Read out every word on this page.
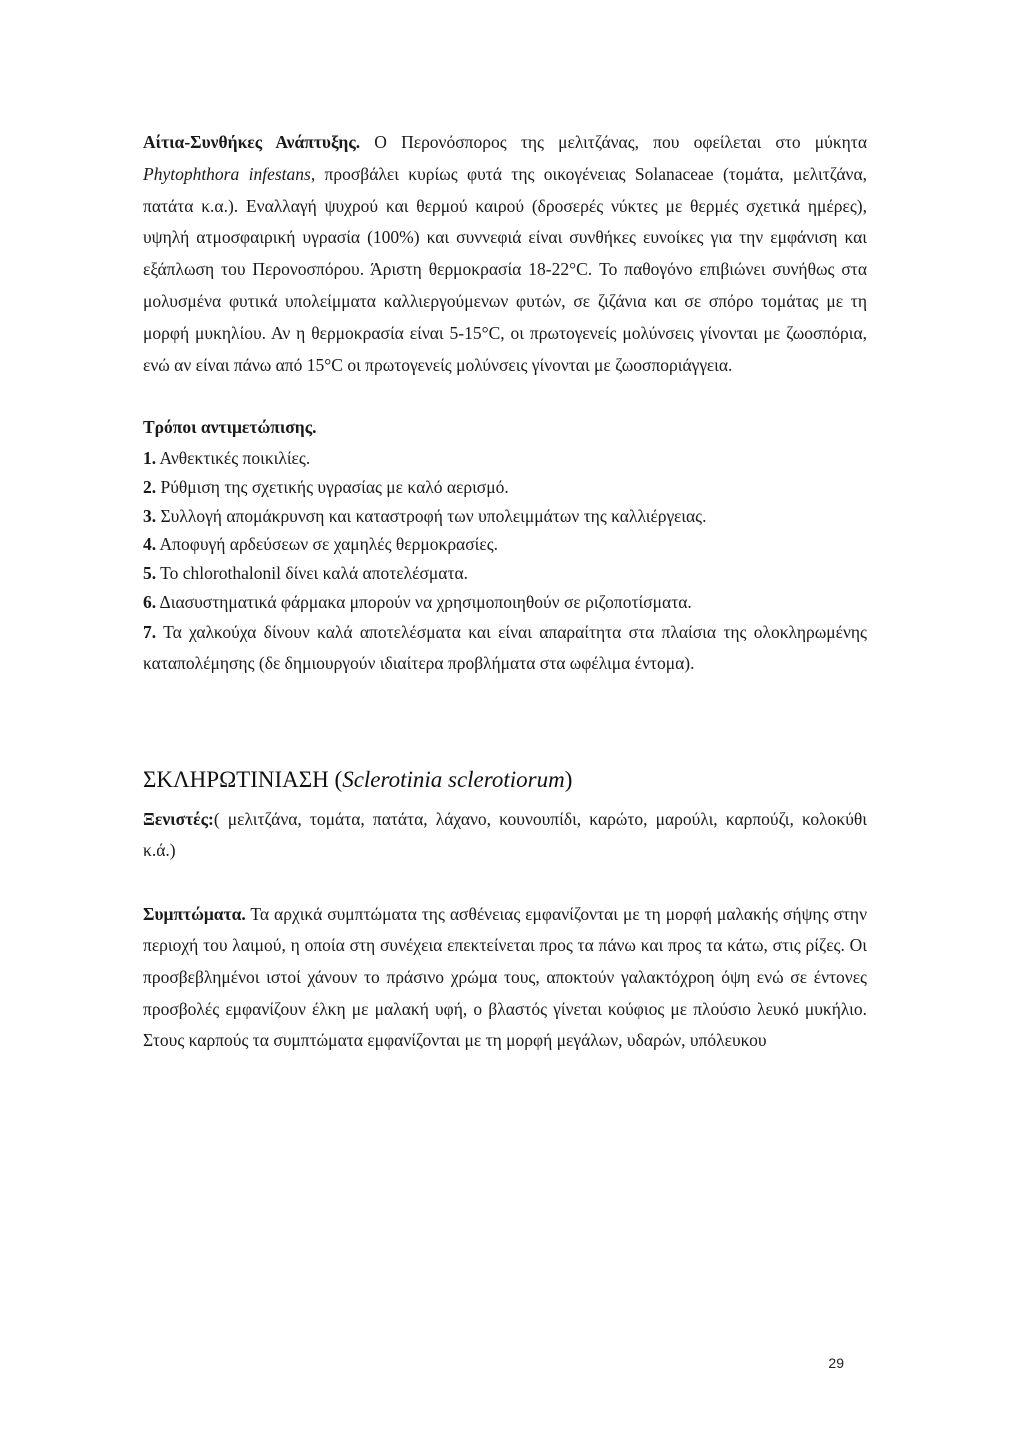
Αίτια-Συνθήκες Ανάπτυξης. Ο Περονόσπορος της μελιτζάνας, που οφείλεται στο μύκητα Phytophthora infestans, προσβάλει κυρίως φυτά της οικογένειας Solanaceae (τομάτα, μελιτζάνα, πατάτα κ.α.). Εναλλαγή ψυχρού και θερμού καιρού (δροσερές νύκτες με θερμές σχετικά ημέρες), υψηλή ατμοσφαιρική υγρασία (100%) και συννεφιά είναι συνθήκες ευνοίκες για την εμφάνιση και εξάπλωση του Περονοσπόρου. Άριστη θερμοκρασία 18-22°C. Το παθογόνο επιβιώνει συνήθως στα μολυσμένα φυτικά υπολείμματα καλλιεργούμενων φυτών, σε ζιζάνια και σε σπόρο τομάτας με τη μορφή μυκηλίου. Αν η θερμοκρασία είναι 5-15°C, οι πρωτογενείς μολύνσεις γίνονται με ζωοσπόρια, ενώ αν είναι πάνω από 15°C οι πρωτογενείς μολύνσεις γίνονται με ζωοσποριάγγεια.

Τρόποι αντιμετώπισης.
1. Ανθεκτικές ποικιλίες.
2. Ρύθμιση της σχετικής υγρασίας με καλό αερισμό.
3. Συλλογή απομάκρυνση και καταστροφή των υπολειμμάτων της καλλιέργειας.
4. Αποφυγή αρδεύσεων σε χαμηλές θερμοκρασίες.
5. Το chlorothalonil δίνει καλά αποτελέσματα.
6. Διασυστηματικά φάρμακα μπορούν να χρησιμοποιηθούν σε ριζοποτίσματα.
7. Τα χαλκούχα δίνουν καλά αποτελέσματα και είναι απαραίτητα στα πλαίσια της ολοκληρωμένης καταπολέμησης (δε δημιουργούν ιδιαίτερα προβλήματα στα ωφέλιμα έντομα).
ΣΚΛΗΡΩΤΙΝΙΑΣΗ (Sclerotinia sclerotiorum)

Ξενιστές:( μελιτζάνα, τομάτα, πατάτα, λάχανο, κουνουπίδι, καρώτο, μαρούλι, καρπούζι, κολοκύθι κ.ά.)

Συμπτώματα. Τα αρχικά συμπτώματα της ασθένειας εμφανίζονται με τη μορφή μαλακής σήψης στην περιοχή του λαιμού, η οποία στη συνέχεια επεκτείνεται προς τα πάνω και προς τα κάτω, στις ρίζες. Οι προσβεβλημένοι ιστοί χάνουν το πράσινο χρώμα τους, αποκτούν γαλακτόχροη όψη ενώ σε έντονες προσβολές εμφανίζουν έλκη με μαλακή υφή, ο βλαστός γίνεται κούφιος με πλούσιο λευκό μυκήλιο. Στους καρπούς τα συμπτώματα εμφανίζονται με τη μορφή μεγάλων, υδαρών, υπόλευκου

29
